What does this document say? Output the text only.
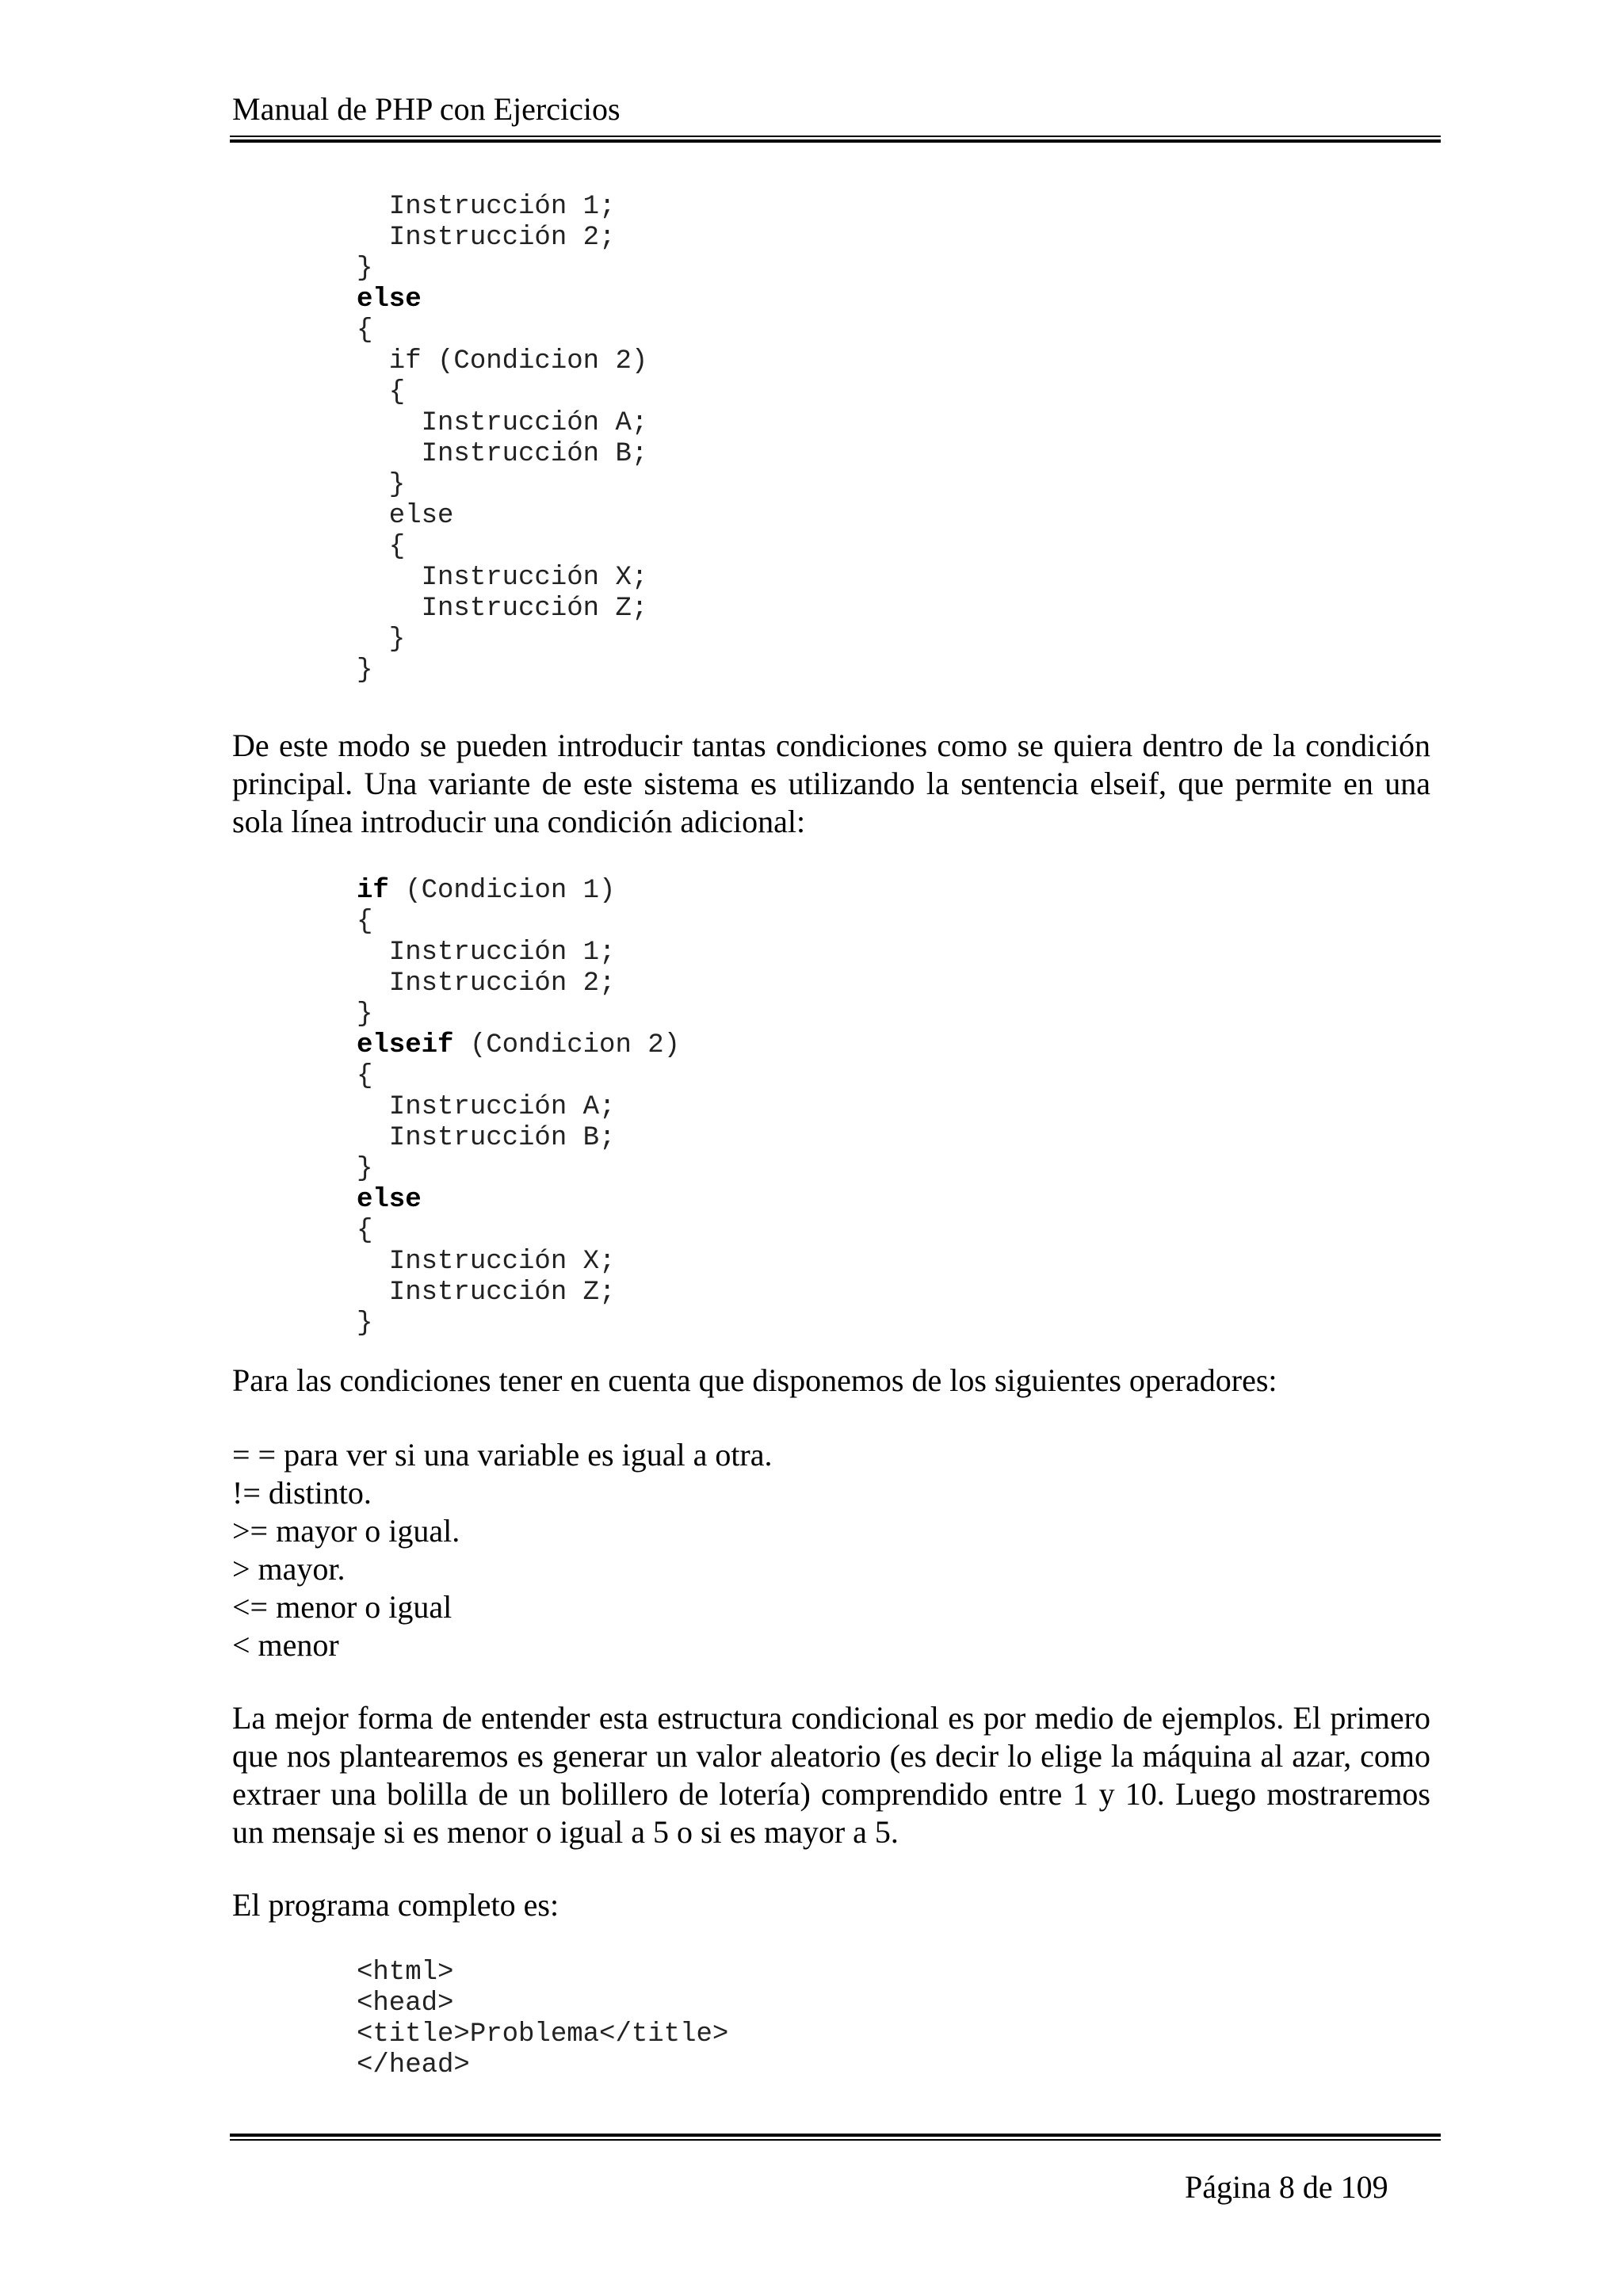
Manual de PHP con Ejercicios
Instrucción 1;
Instrucción 2;
}
else
{
if (Condicion 2)
{
Instrucción A;
Instrucción B;
}
else
{
Instrucción X;
Instrucción Z;
}
}

De este modo se pueden introducir tantas condiciones como se quiera dentro de la condición principal. Una variante de este sistema es utilizando la sentencia elseif, que permite en una sola línea introducir una condición adicional:

if (Condicion 1)
{
Instrucción 1;
Instrucción 2;
}
elseif (Condicion 2)
{
Instrucción A;
Instrucción B;
}
else
{
Instrucción X;
Instrucción Z;
}

Para las condiciones tener en cuenta que disponemos de los siguientes operadores:

= = para ver si una variable es igual a otra.
!= distinto.
>= mayor o igual.
> mayor.
<= menor o igual
< menor

La mejor forma de entender esta estructura condicional es por medio de ejemplos. El primero que nos plantearemos es generar un valor aleatorio (es decir lo elige la máquina al azar, como extraer una bolilla de un bolillero de lotería) comprendido entre 1 y 10. Luego mostraremos un mensaje si es menor o igual a 5 o si es mayor a 5.

El programa completo es:

<html>
<head>
<title>Problema</title>
</head>

Página 8 de 109
